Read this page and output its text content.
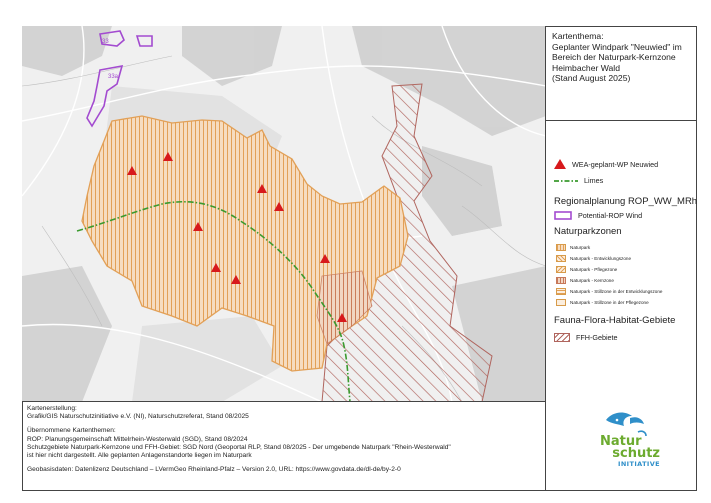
33
33a
Kartenthema:
Geplanter Windpark "Neuwied" im
Bereich der Naturpark-Kernzone
Heimbacher Wald
(Stand August 2025)
WEA-geplant-WP Neuwied
Limes
Regionalplanung ROP_WW_MRh
Potential-ROP Wind
Naturparkzonen
Naturpark
Naturpark - Entwicklungszone
Naturpark - Pflegezone
Naturpark - Kernzone
Naturpark - Stillzone in der Entwicklungszone
Naturpark - Stillzone in der Pflegezone
Fauna-Flora-Habitat-Gebiete
FFH-Gebiete
Kartenerstellung:
Grafik/GIS Naturschutzinitiative e.V. (NI), Naturschutzreferat, Stand 08/2025
Übernommene Kartenthemen:
ROP: Planungsgemeinschaft Mittelrhein-Westerwald (SGD), Stand 08/2024
Schutzgebiete Naturpark-Kernzone und FFH-Gebiet: SGD Nord (Geoportal RLP, Stand 08/2025 - Der umgebende Naturpark "Rhein-Westerwald"
ist hier nicht dargestellt. Alle geplanten Anlagenstandorte liegen im Naturpark
Geobasisdaten: Datenlizenz Deutschland – LVermGeo Rheinland-Pfalz – Version 2.0, URL: https://www.govdata.de/dl-de/by-2-0
Natur
schutz
INITIATIVE
